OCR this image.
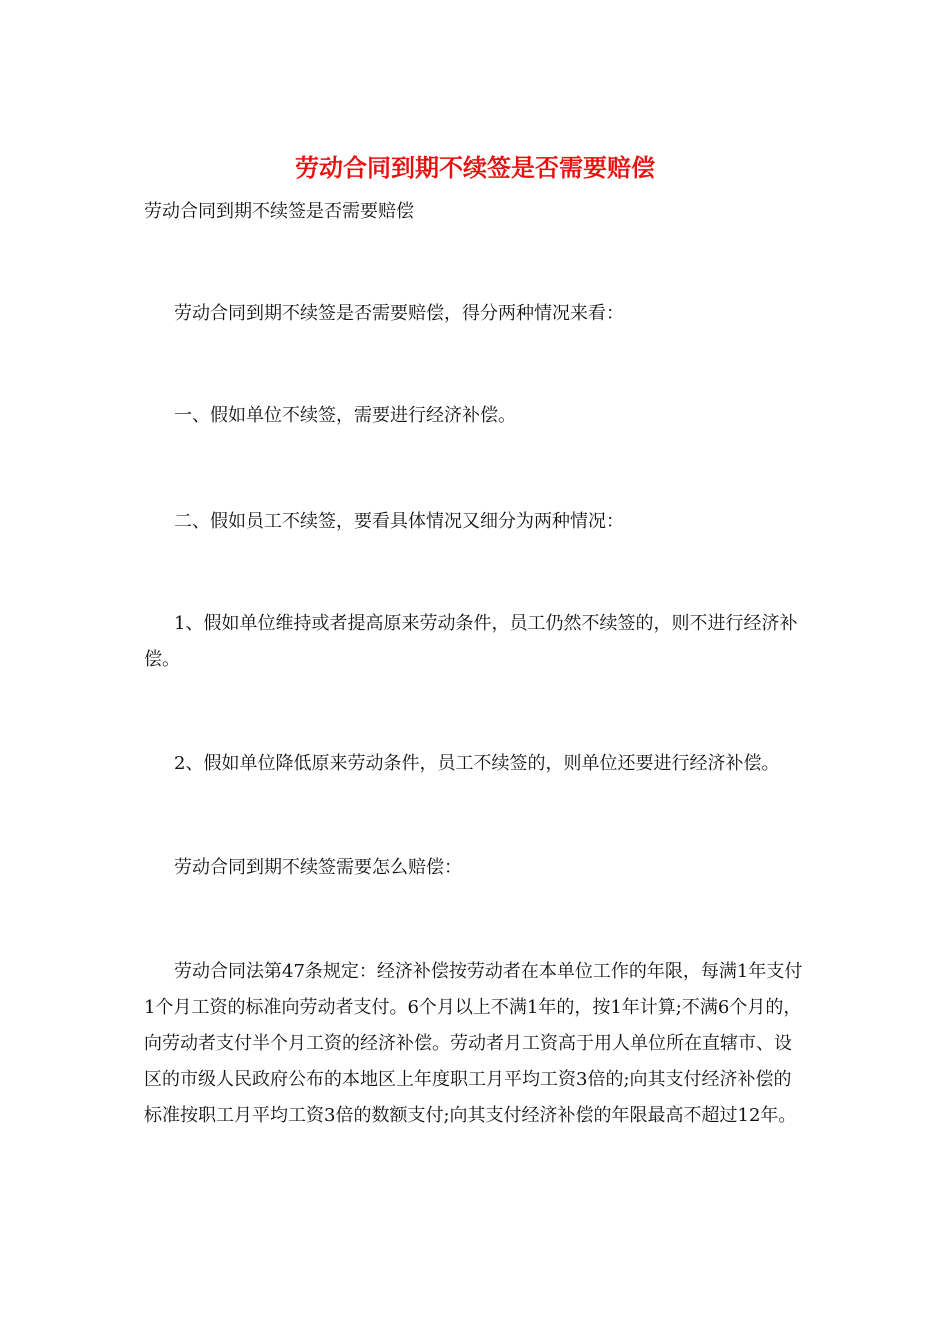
劳动合同到期不续签是否需要赔偿

劳动合同到期不续签是否需要赔偿

劳动合同到期不续签是否需要赔偿，得分两种情况来看：

一、假如单位不续签，需要进行经济补偿。

二、假如员工不续签，要看具体情况又细分为两种情况：

1、假如单位维持或者提高原来劳动条件，员工仍然不续签的，则不进行经济补偿。

2、假如单位降低原来劳动条件，员工不续签的，则单位还要进行经济补偿。

劳动合同到期不续签需要怎么赔偿：

劳动合同法第47条规定：经济补偿按劳动者在本单位工作的年限，每满1年支付1个月工资的标准向劳动者支付。6个月以上不满1年的，按1年计算;不满6个月的，向劳动者支付半个月工资的经济补偿。劳动者月工资高于用人单位所在直辖市、设区的市级人民政府公布的本地区上年度职工月平均工资3倍的;向其支付经济补偿的标准按职工月平均工资3倍的数额支付;向其支付经济补偿的年限最高不超过12年。
